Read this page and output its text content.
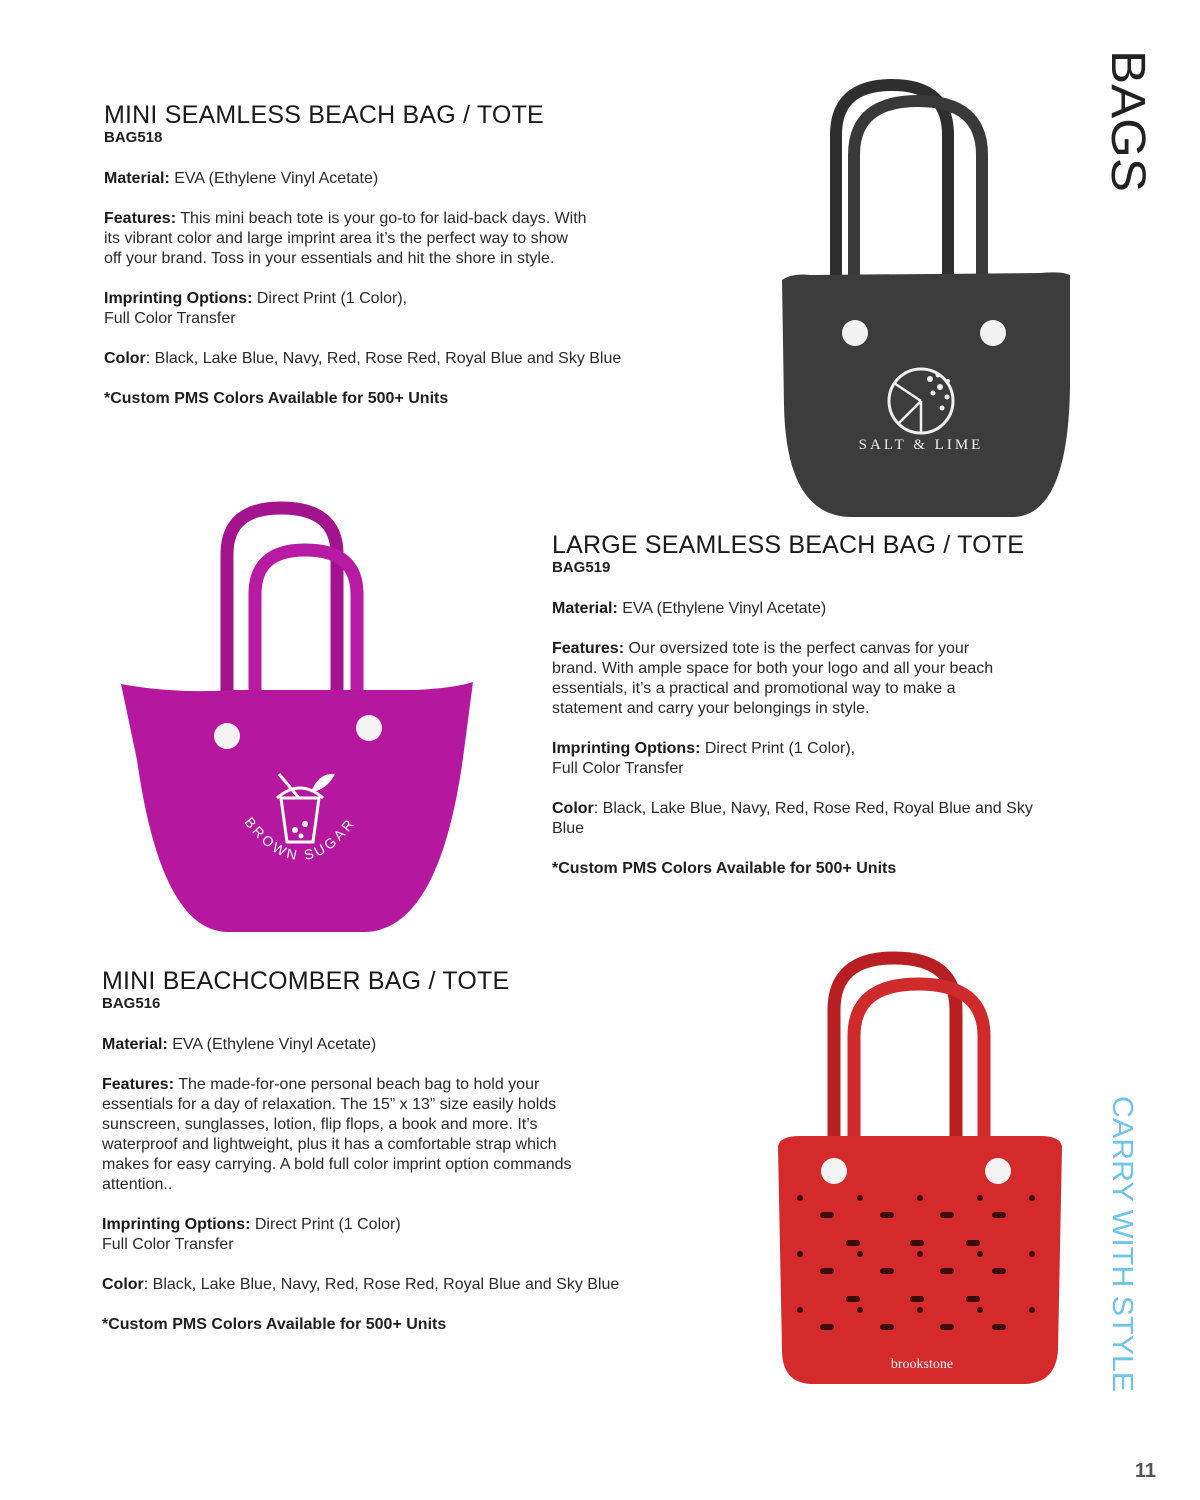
BAGS
CARRY WITH STYLE
MINI SEAMLESS BEACH BAG / TOTE

BAG518

Material: EVA (Ethylene Vinyl Acetate)

Features: This mini beach tote is your go-to for laid-back days. With
its vibrant color and large imprint area it’s the perfect way to show
off your brand. Toss in your essentials and hit the shore in style.

Imprinting Options: Direct Print (1 Color),
Full Color Transfer

Color: Black, Lake Blue, Navy, Red, Rose Red, Royal Blue and Sky Blue

*Custom PMS Colors Available for 500+ Units

SALT & LIME
BROWN SUGAR
LARGE SEAMLESS BEACH BAG / TOTE

BAG519

Material: EVA (Ethylene Vinyl Acetate)

Features: Our oversized tote is the perfect canvas for your
brand. With ample space for both your logo and all your beach
essentials, it’s a practical and promotional way to make a
statement and carry your belongings in style.

Imprinting Options: Direct Print (1 Color),
Full Color Transfer

Color: Black, Lake Blue, Navy, Red, Rose Red, Royal Blue and Sky
Blue

*Custom PMS Colors Available for 500+ Units

MINI BEACHCOMBER BAG / TOTE

BAG516

Material: EVA (Ethylene Vinyl Acetate)

Features: The made-for-one personal beach bag to hold your
essentials for a day of relaxation. The 15” x 13” size easily holds
sunscreen, sunglasses, lotion, flip flops, a book and more. It’s
waterproof and lightweight, plus it has a comfortable strap which
makes for easy carrying. A bold full color imprint option commands
attention..

Imprinting Options: Direct Print (1 Color)
Full Color Transfer

Color: Black, Lake Blue, Navy, Red, Rose Red, Royal Blue and Sky Blue

*Custom PMS Colors Available for 500+ Units

brookstone
11
